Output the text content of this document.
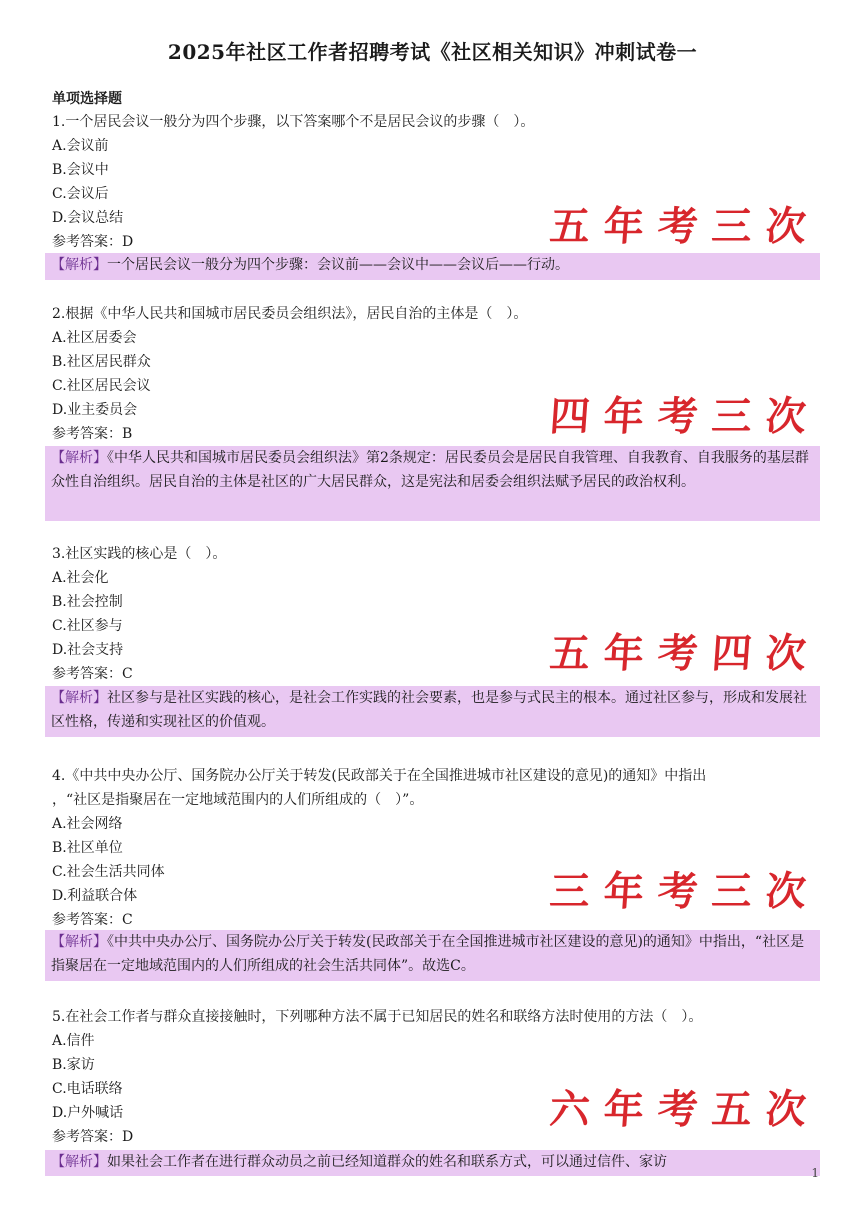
2025年社区工作者招聘考试《社区相关知识》冲刺试卷一
单项选择题
1.一个居民会议一般分为四个步骤，以下答案哪个不是居民会议的步骤（　）。
A.会议前
B.会议中
C.会议后
D.会议总结
参考答案：D
【解析】一个居民会议一般分为四个步骤：会议前——会议中——会议后——行动。
五年考三次
2.根据《中华人民共和国城市居民委员会组织法》，居民自治的主体是（　）。
A.社区居委会
B.社区居民群众
C.社区居民会议
D.业主委员会
参考答案：B
【解析】《中华人民共和国城市居民委员会组织法》第2条规定：居民委员会是居民自我管理、自我教育、自我服务的基层群众性自治组织。居民自治的主体是社区的广大居民群众，这是宪法和居委会组织法赋予居民的政治权利。
四年考三次
3.社区实践的核心是（　）。
A.社会化
B.社会控制
C.社区参与
D.社会支持
参考答案：C
【解析】社区参与是社区实践的核心，是社会工作实践的社会要素，也是参与式民主的根本。通过社区参与，形成和发展社区性格，传递和实现社区的价值观。
五年考四次
4.《中共中央办公厅、国务院办公厅关于转发(民政部关于在全国推进城市社区建设的意见)的通知》中指出
，“社区是指聚居在一定地域范围内的人们所组成的（　）”。
A.社会网络
B.社区单位
C.社会生活共同体
D.利益联合体
参考答案：C
【解析】《中共中央办公厅、国务院办公厅关于转发(民政部关于在全国推进城市社区建设的意见)的通知》中指出，“社区是指聚居在一定地域范围内的人们所组成的社会生活共同体”。故选C。
三年考三次
5.在社会工作者与群众直接接触时，下列哪种方法不属于已知居民的姓名和联络方法时使用的方法（　）。
A.信件
B.家访
C.电话联络
D.户外喊话
参考答案：D
【解析】如果社会工作者在进行群众动员之前已经知道群众的姓名和联系方式，可以通过信件、家访
六年考五次
1
